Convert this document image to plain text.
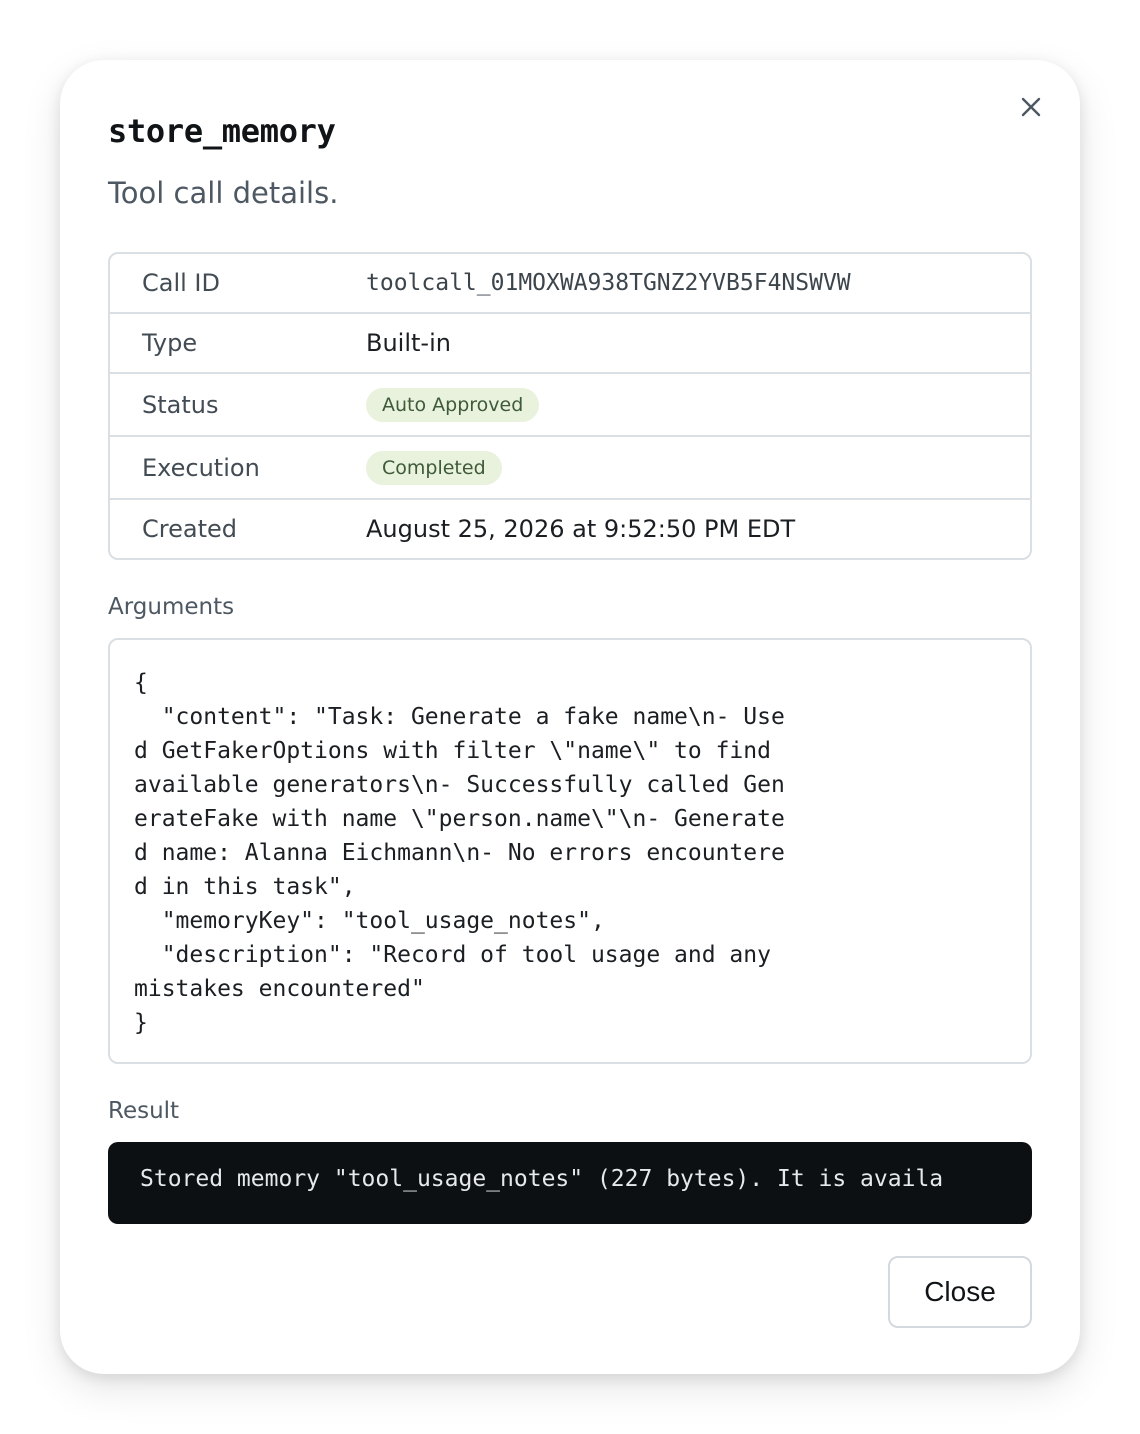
store_memory
Tool call details.
Call ID	toolcall_01MOXWA938TGNZ2YVB5F4NSWVW
Type	Built-in
Status	Auto Approved
Execution	Completed
Created	August 25, 2026 at 9:52:50 PM EDT
Arguments
{
"content": "Task: Generate a fake name\n- Use
d GetFakerOptions with filter \"name\" to find
available generators\n- Successfully called Gen
erateFake with name \"person.name\"\n- Generate
d name: Alanna Eichmann\n- No errors encountere
d in this task",
"memoryKey": "tool_usage_notes",
"description": "Record of tool usage and any
mistakes encountered"
}
Result
Stored memory "tool_usage_notes" (227 bytes). It is availa
Close
